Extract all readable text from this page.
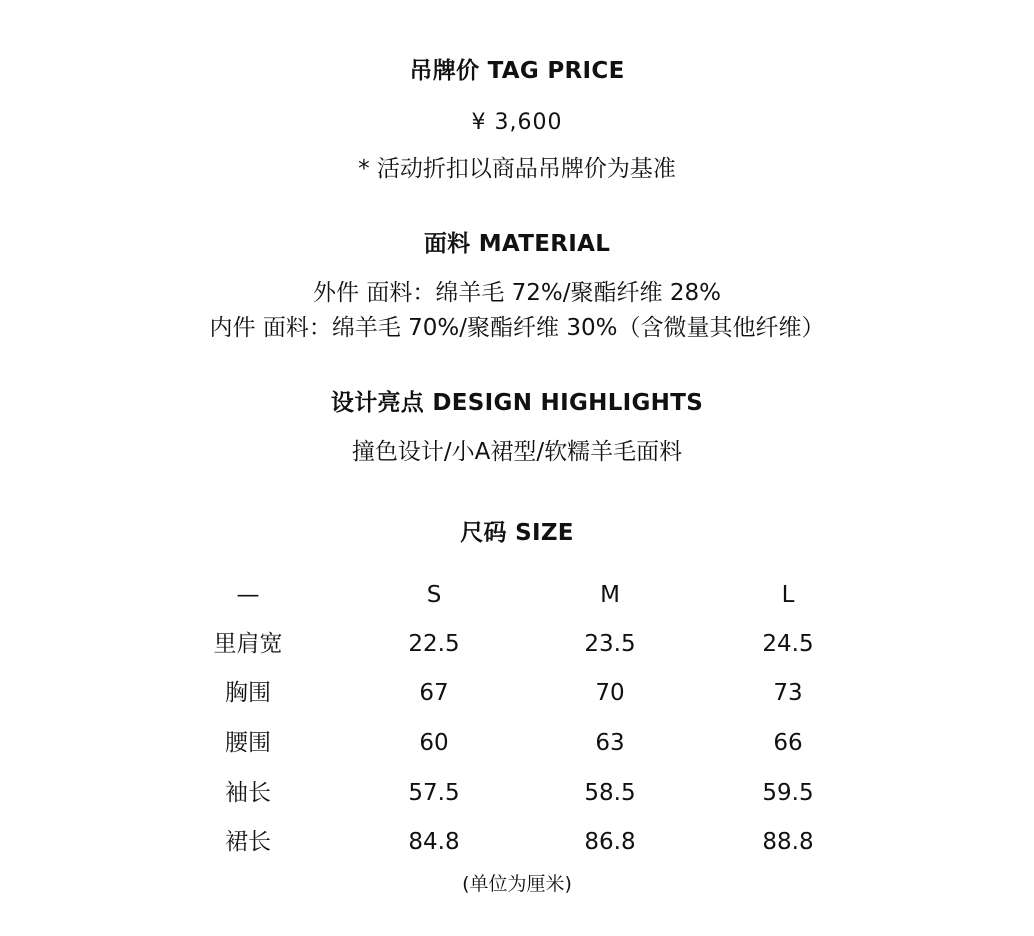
吊牌价 TAG PRICE
¥ 3,600
* 活动折扣以商品吊牌价为基准
面料 MATERIAL
外件 面料：绵羊毛 72%/聚酯纤维 28%
内件 面料：绵羊毛 70%/聚酯纤维 30%（含微量其他纤维）
设计亮点 DESIGN HIGHLIGHTS
撞色设计/小A裙型/软糯羊毛面料
尺码 SIZE
—	S	M	L
里肩宽	22.5	23.5	24.5
胸围	67	70	73
腰围	60	63	66
袖长	57.5	58.5	59.5
裙长	84.8	86.8	88.8
(单位为厘米)
